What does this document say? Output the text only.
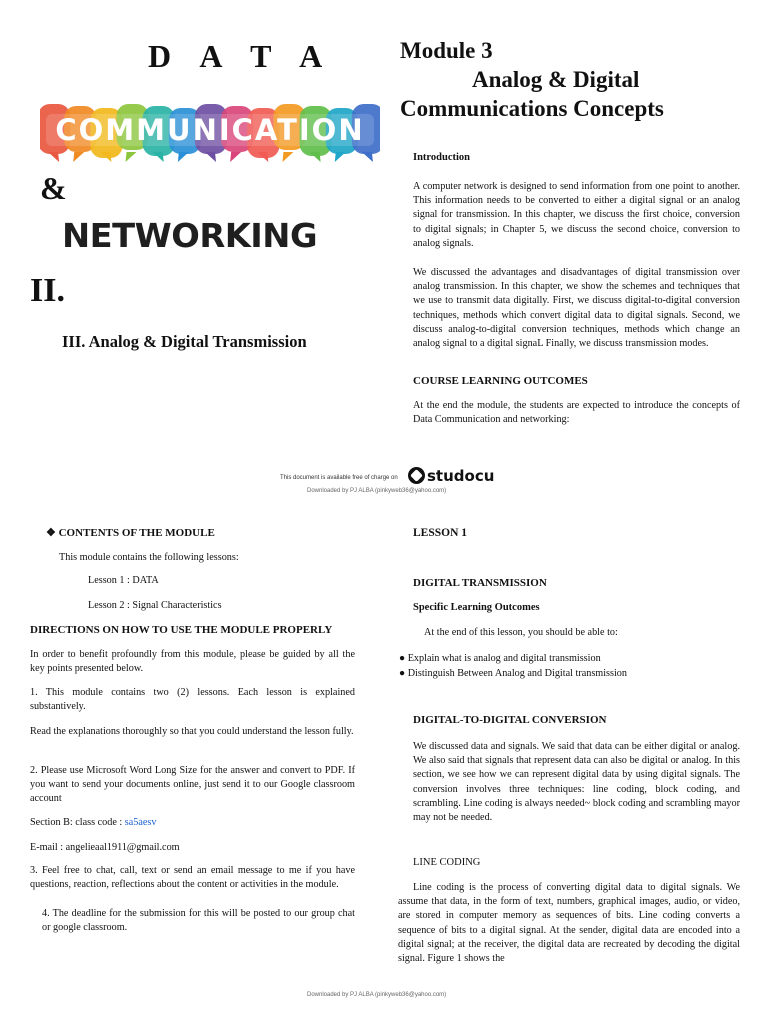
D A T A
COMMUNICATION
&
NETWORKING
II.
III. Analog & Digital Transmission
Module 3
Analog & Digital
Communications Concepts
Introduction
A computer network is designed to send information from one point to another. This information needs to be converted to either a digital signal or an analog signal for transmission. In this chapter, we discuss the first choice, conversion to digital signals; in Chapter 5, we discuss the second choice, conversion to analog signals.
We discussed the advantages and disadvantages of digital transmission over analog transmission. In this chapter, we show the schemes and techniques that we use to transmit data digitally. First, we discuss digital-to-digital conversion techniques, methods which convert digital data to digital signals. Second, we discuss analog-to-digital conversion techniques, methods which change an analog signal to a digital signaL Finally, we discuss transmission modes.
COURSE LEARNING OUTCOMES
At the end the module, the students are expected to introduce the concepts of Data Communication and networking:
This document is available free of charge on	studocu
Downloaded by PJ ALBA (pinkyweb36@yahoo.com)
❖ CONTENTS OF THE MODULE
This module contains the following lessons:
Lesson 1 : DATA
Lesson 2 : Signal Characteristics
DIRECTIONS ON HOW TO USE THE MODULE PROPERLY
In order to benefit profoundly from this module, please be guided by all the key points presented below.
1. This module contains two (2) lessons. Each lesson is explained substantively.
Read the explanations thoroughly so that you could understand the lesson fully.
2. Please use Microsoft Word Long Size for the answer and convert to PDF. If you want to send your documents online, just send it to our Google classroom account
Section B: class code : sa5aesv
E-mail : angelieaal1911@gmail.com
3. Feel free to chat, call, text or send an email message to me if you have questions, reaction, reflections about the content or activities in the module.
4. The deadline for the submission for this will be posted to our group chat or google classroom.
LESSON 1
DIGITAL TRANSMISSION
Specific Learning Outcomes
At the end of this lesson, you should be able to:
● Explain what is analog and digital transmission
● Distinguish Between Analog and Digital transmission
DIGITAL-TO-DIGITAL CONVERSION
We discussed data and signals. We said that data can be either digital or analog. We also said that signals that represent data can also be digital or analog. In this section, we see how we can represent digital data by using digital signals. The conversion involves three techniques: line coding, block coding, and scrambling. Line coding is always needed~ block coding and scrambling mayor may not be needed.
LINE CODING
Line coding is the process of converting digital data to digital signals. We assume that data, in the form of text, numbers, graphical images, audio, or video, are stored in computer memory as sequences of bits. Line coding converts a sequence of bits to a digital signal. At the sender, digital data are encoded into a digital signal; at the receiver, the digital data are recreated by decoding the digital signal. Figure 1 shows the
Downloaded by PJ ALBA (pinkyweb36@yahoo.com)
